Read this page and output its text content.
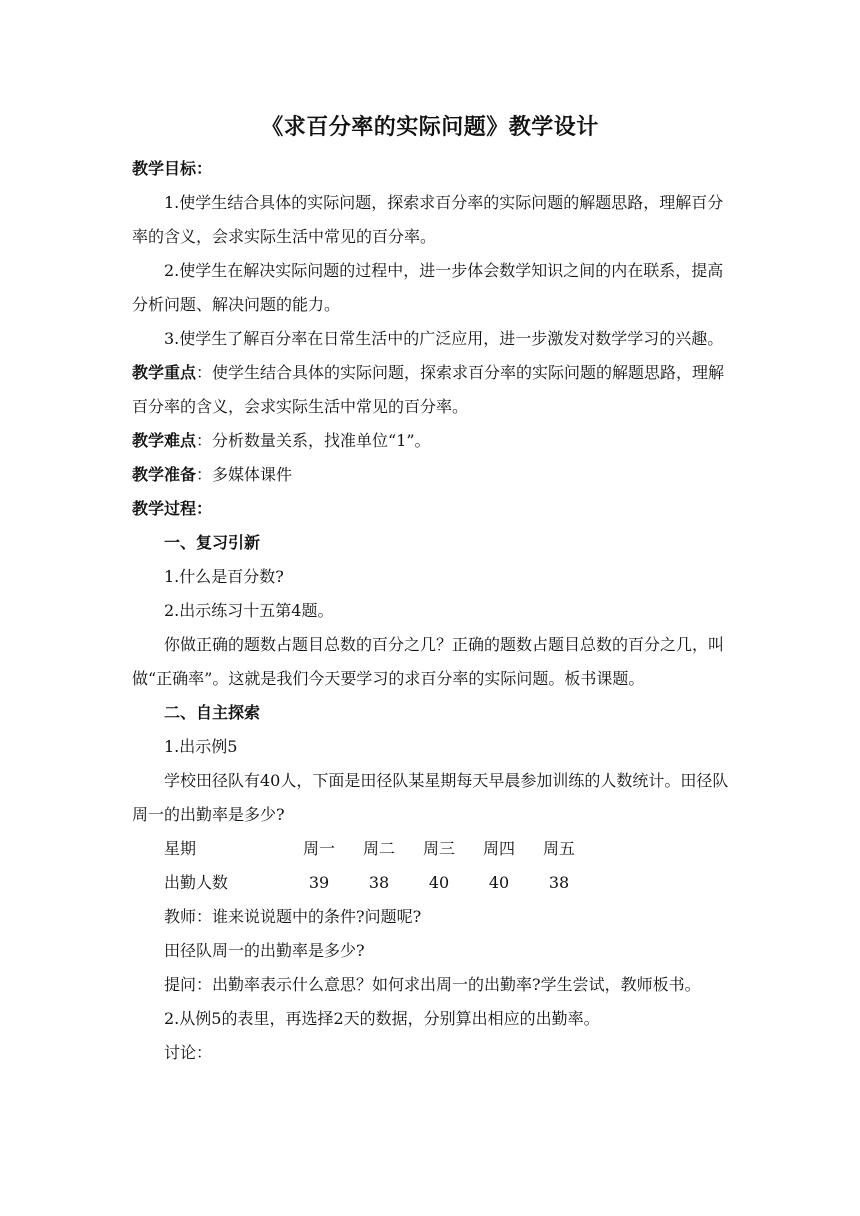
《求百分率的实际问题》教学设计

教学目标：

1.使学生结合具体的实际问题，探索求百分率的实际问题的解题思路，理解百分率的含义，会求实际生活中常见的百分率。

2.使学生在解决实际问题的过程中，进一步体会数学知识之间的内在联系，提高分析问题、解决问题的能力。

3.使学生了解百分率在日常生活中的广泛应用，进一步激发对数学学习的兴趣。

教学重点：使学生结合具体的实际问题，探索求百分率的实际问题的解题思路，理解百分率的含义，会求实际生活中常见的百分率。

教学难点：分析数量关系，找准单位“1”。

教学准备：多媒体课件

教学过程：

一、复习引新

1.什么是百分数?

2.出示练习十五第4题。

你做正确的题数占题目总数的百分之几？正确的题数占题目总数的百分之几，叫做“正确率”。这就是我们今天要学习的求百分率的实际问题。板书课题。

二、自主探索

1.出示例5

学校田径队有40人，下面是田径队某星期每天早晨参加训练的人数统计。田径队周一的出勤率是多少?

星期	周一	周二	周三	周四	周五
出勤人数	39	38	40	40	38

教师：谁来说说题中的条件?问题呢?

田径队周一的出勤率是多少?

提问：出勤率表示什么意思？如何求出周一的出勤率?学生尝试，教师板书。

2.从例5的表里，再选择2天的数据，分别算出相应的出勤率。

讨论：
